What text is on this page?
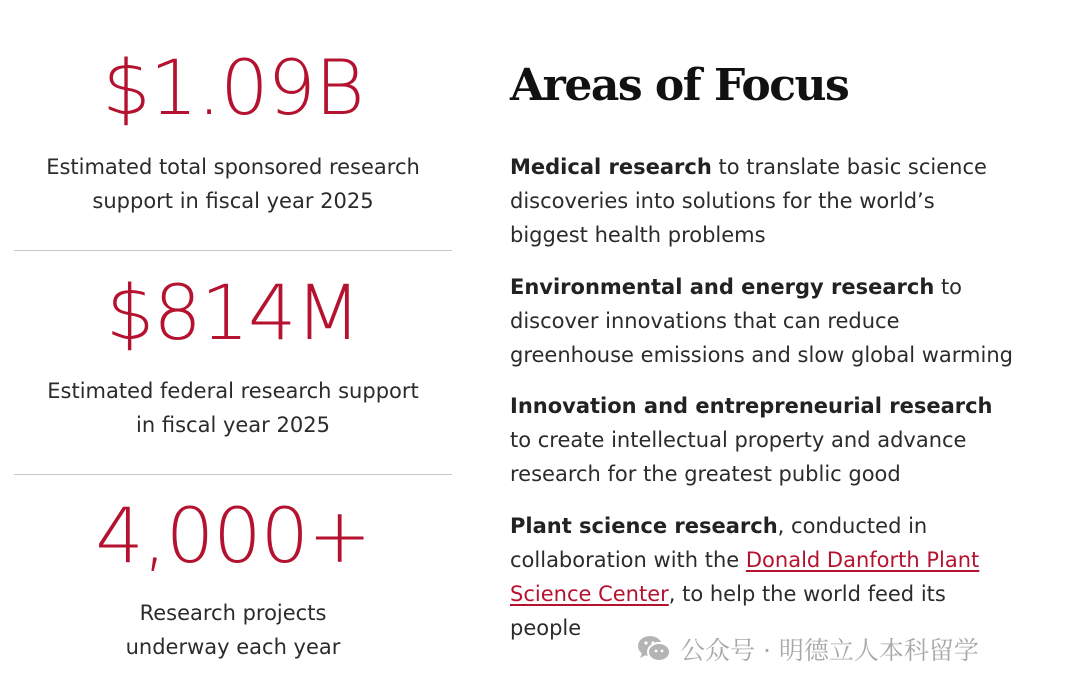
$1.09B
Estimated total sponsored research
support in fiscal year 2025
$814M
Estimated federal research support
in fiscal year 2025
4,000+
Research projects
underway each year
Areas of Focus
Medical research to translate basic science discoveries into solutions for the world’s biggest health problems
Environmental and energy research to discover innovations that can reduce greenhouse emissions and slow global warming
Innovation and entrepreneurial research to create intellectual property and advance research for the greatest public good
Plant science research, conducted in collaboration with the Donald Danforth Plant Science Center, to help the world feed its people
公众号 · 明德立人本科留学
